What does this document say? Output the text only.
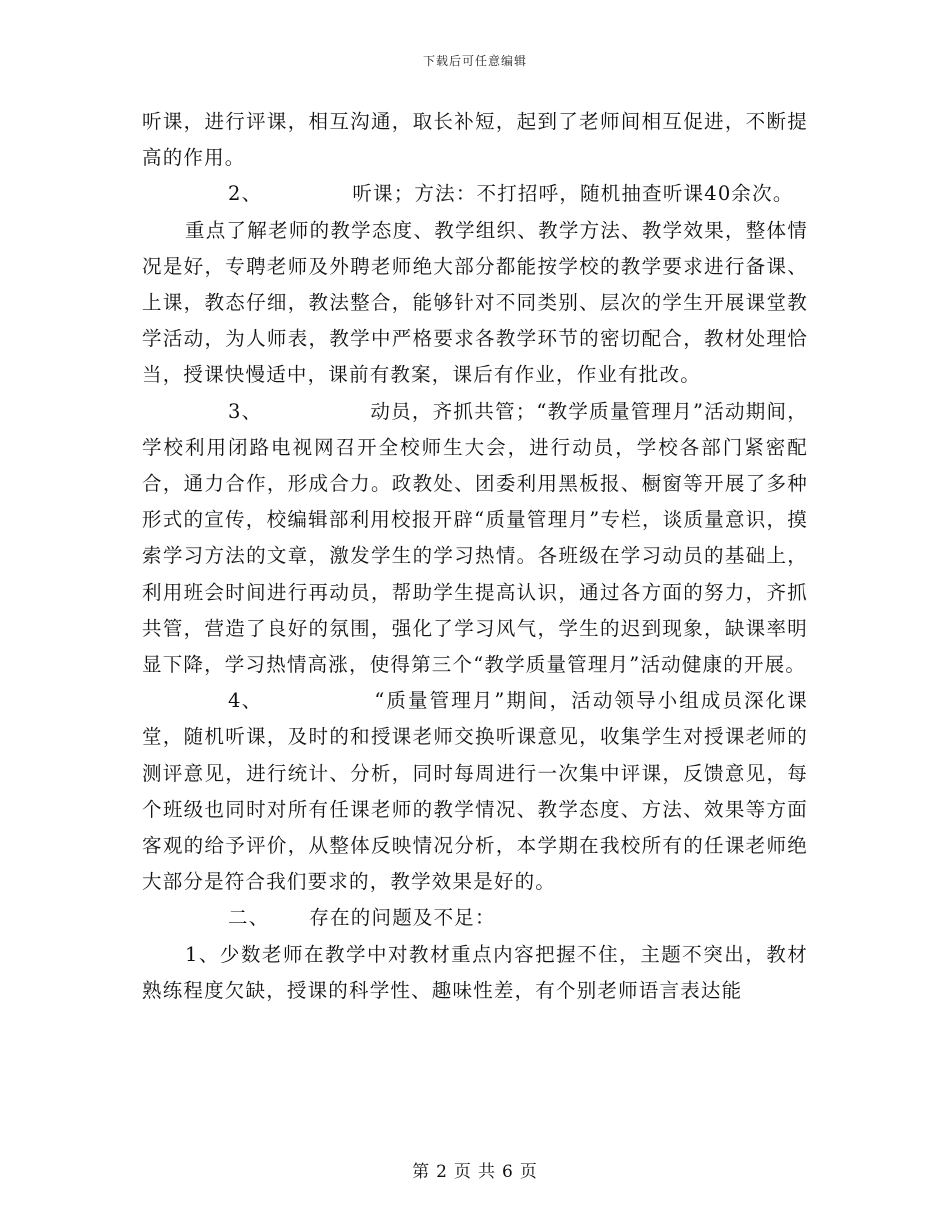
下载后可任意编辑

听课，进行评课，相互沟通，取长补短，起到了老师间相互促进，不断提高的作用。

2、	听课；方法：不打招呼，随机抽查听课40余次。

重点了解老师的教学态度、教学组织、教学方法、教学效果，整体情况是好，专聘老师及外聘老师绝大部分都能按学校的教学要求进行备课、上课，教态仔细，教法整合，能够针对不同类别、层次的学生开展课堂教学活动，为人师表，教学中严格要求各教学环节的密切配合，教材处理恰当，授课快慢适中，课前有教案，课后有作业，作业有批改。

3、	动员，齐抓共管；“教学质量管理月”活动期间，学校利用闭路电视网召开全校师生大会，进行动员，学校各部门紧密配合，通力合作，形成合力。政教处、团委利用黑板报、橱窗等开展了多种形式的宣传，校编辑部利用校报开辟“质量管理月”专栏，谈质量意识，摸索学习方法的文章，激发学生的学习热情。各班级在学习动员的基础上，利用班会时间进行再动员，帮助学生提高认识，通过各方面的努力，齐抓共管，营造了良好的氛围，强化了学习风气，学生的迟到现象，缺课率明显下降，学习热情高涨，使得第三个“教学质量管理月”活动健康的开展。

4、	“质量管理月”期间，活动领导小组成员深化课堂，随机听课，及时的和授课老师交换听课意见，收集学生对授课老师的测评意见，进行统计、分析，同时每周进行一次集中评课，反馈意见，每个班级也同时对所有任课老师的教学情况、教学态度、方法、效果等方面客观的给予评价，从整体反映情况分析，本学期在我校所有的任课老师绝大部分是符合我们要求的，教学效果是好的。

二、 存在的问题及不足：

1、少数老师在教学中对教材重点内容把握不住，主题不突出，教材熟练程度欠缺，授课的科学性、趣味性差，有个别老师语言表达能

第 2 页 共 6 页
